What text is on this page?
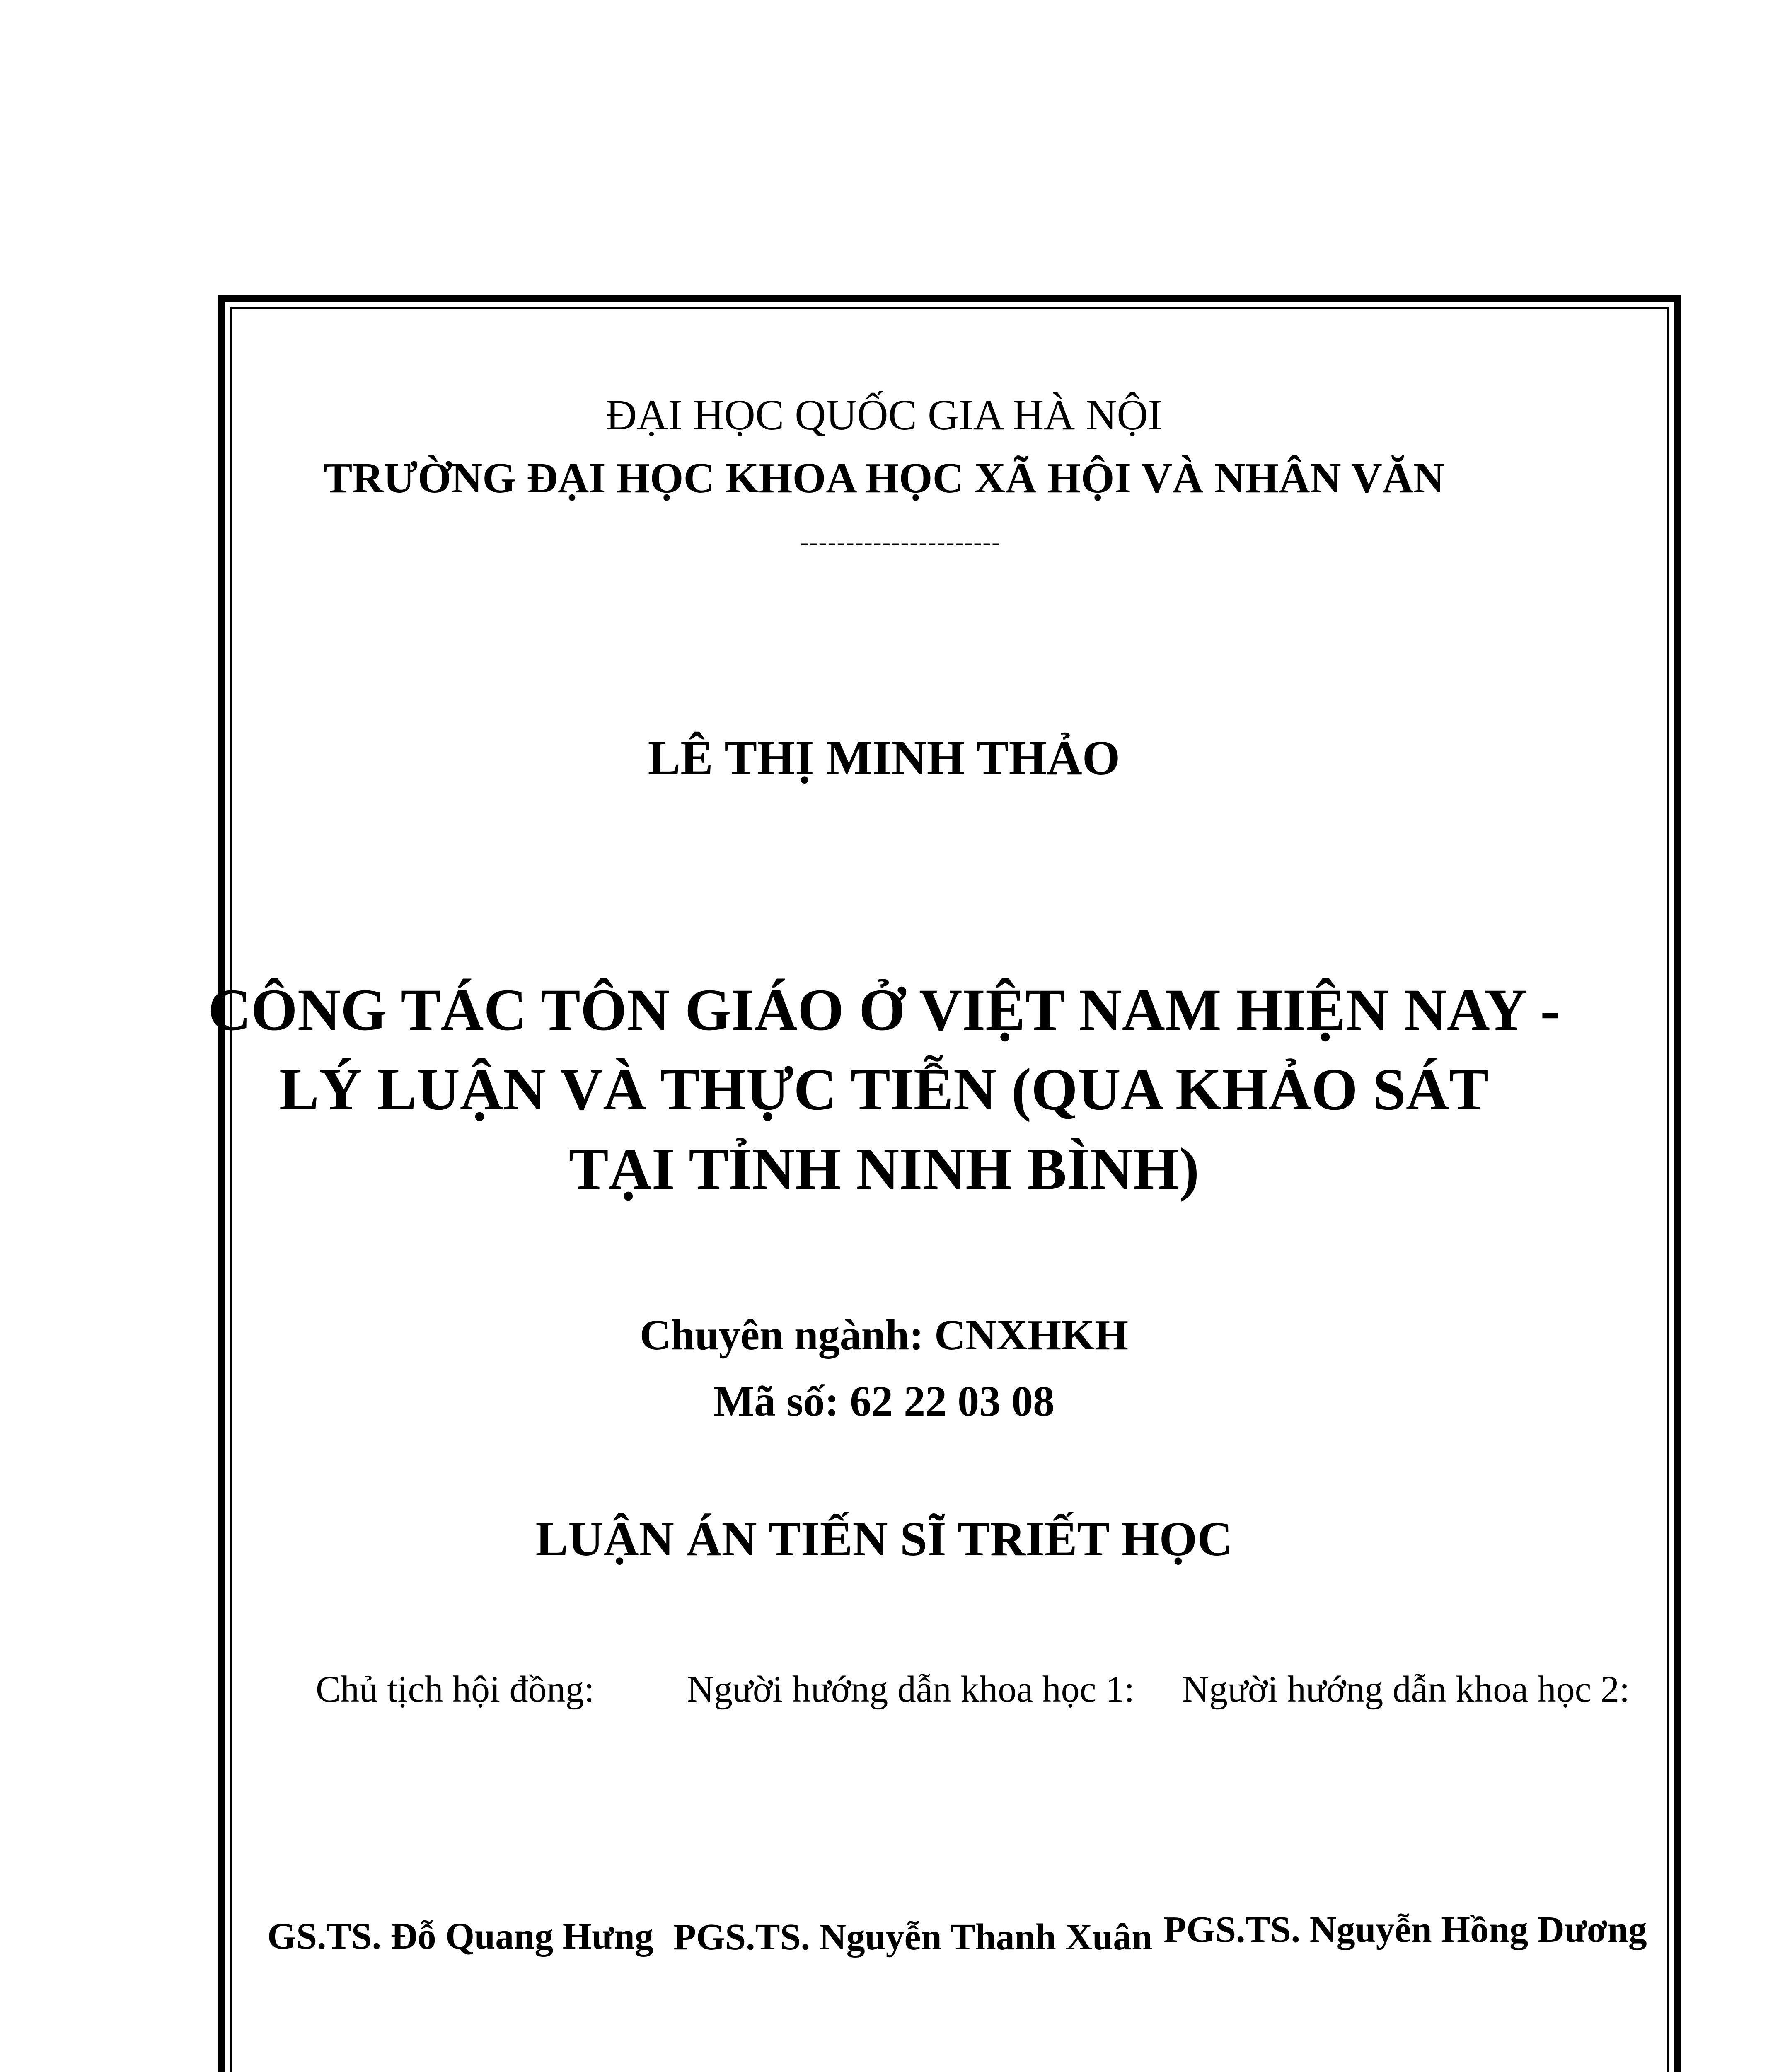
ĐẠI HỌC QUỐC GIA HÀ NỘI
TRƯỜNG ĐẠI HỌC KHOA HỌC XÃ HỘI VÀ NHÂN VĂN
----------------------
LÊ THỊ MINH THẢO
CÔNG TÁC TÔN GIÁO Ở VIỆT NAM HIỆN NAY -
LÝ LUẬN VÀ THỰC TIỄN (QUA KHẢO SÁT
TẠI TỈNH NINH BÌNH)
Chuyên ngành: CNXHKH
Mã số: 62 22 03 08
LUẬN ÁN TIẾN SĨ TRIẾT HỌC
Chủ tịch hội đồng: Người hướng dẫn khoa học 1: Người hướng dẫn khoa học 2:
GS.TS. Đỗ Quang Hưng PGS.TS. Nguyễn Thanh Xuân PGS.TS. Nguyễn Hồng Dương
